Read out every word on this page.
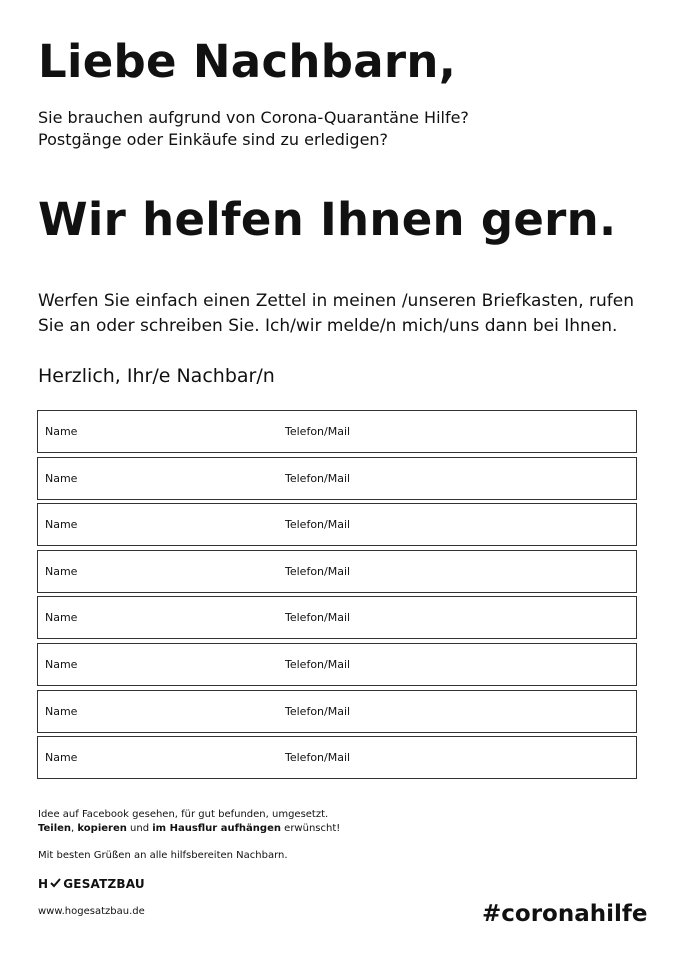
Liebe Nachbarn,
Sie brauchen aufgrund von Corona-Quarantäne Hilfe?
Postgänge oder Einkäufe sind zu erledigen?
Wir helfen Ihnen gern.
Werfen Sie einfach einen Zettel in meinen /unseren Briefkasten, rufen
Sie an oder schreiben Sie. Ich/wir melde/n mich/uns dann bei Ihnen.
Herzlich, Ihr/e Nachbar/n
Name	Telefon/Mail
Name	Telefon/Mail
Name	Telefon/Mail
Name	Telefon/Mail
Name	Telefon/Mail
Name	Telefon/Mail
Name	Telefon/Mail
Name	Telefon/Mail
Idee auf Facebook gesehen, für gut befunden, umgesetzt.
Teilen, kopieren und im Hausflur aufhängen erwünscht!
Mit besten Grüßen an alle hilfsbereiten Nachbarn.
H GESATZBAU
www.hogesatzbau.de	#coronahilfe
